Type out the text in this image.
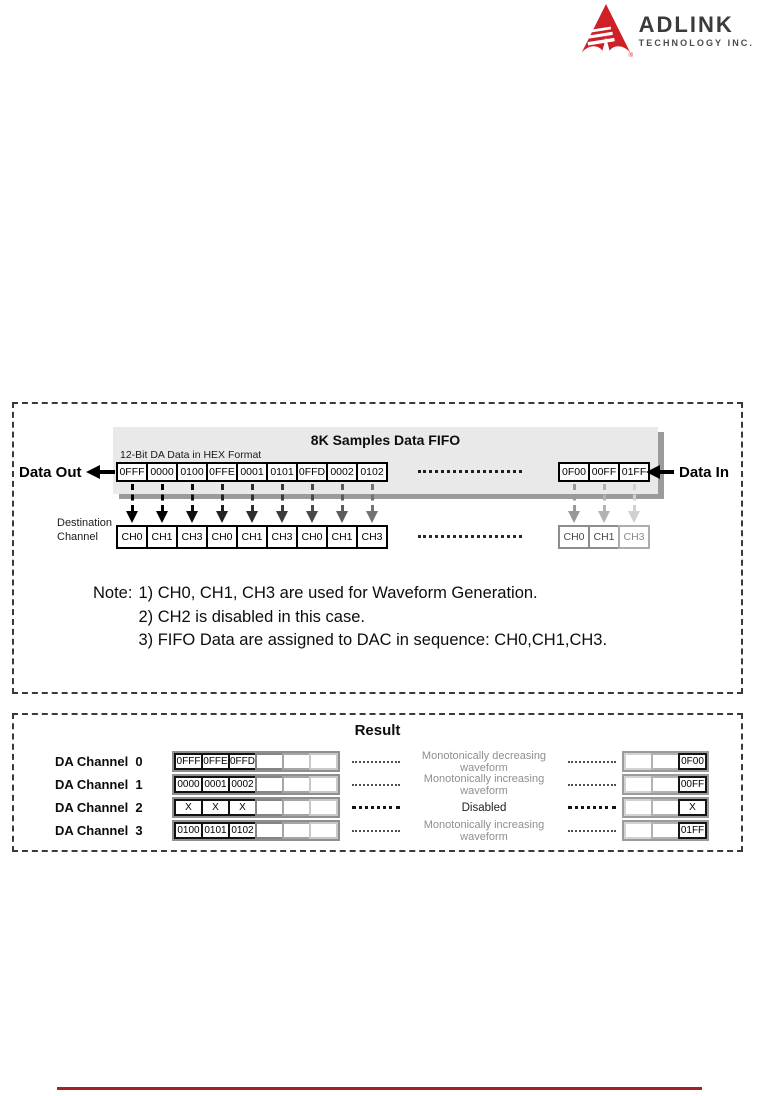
®
ADLINK
TECHNOLOGY INC.
8K Samples Data FIFO
12-Bit DA Data in HEX Format
Data Out	0FFF 0000 0100 0FFE 0001 0101 0FFD 0002 0102	0F00 00FF 01FF Data In
Destination
Channel	CH0 CH1 CH3 CH0 CH1 CH3 CH0 CH1 CH3	CH0 CH1 CH3
Note: 1) CH0, CH1, CH3 are used for Waveform Generation.
2) CH2 is disabled in this case.
3) FIFO Data are assigned to DAC in sequence: CH0,CH1,CH3.
Result
DA Channel  0	0FFF 0FFE 0FFD	Monotonically decreasing waveform	0F00
DA Channel  1	0000 0001 0002	Monotonically increasing waveform	00FF
DA Channel  2	X	X	X	Disabled	X
DA Channel  3	0100 0101 0102	Monotonically increasing waveform	01FF
